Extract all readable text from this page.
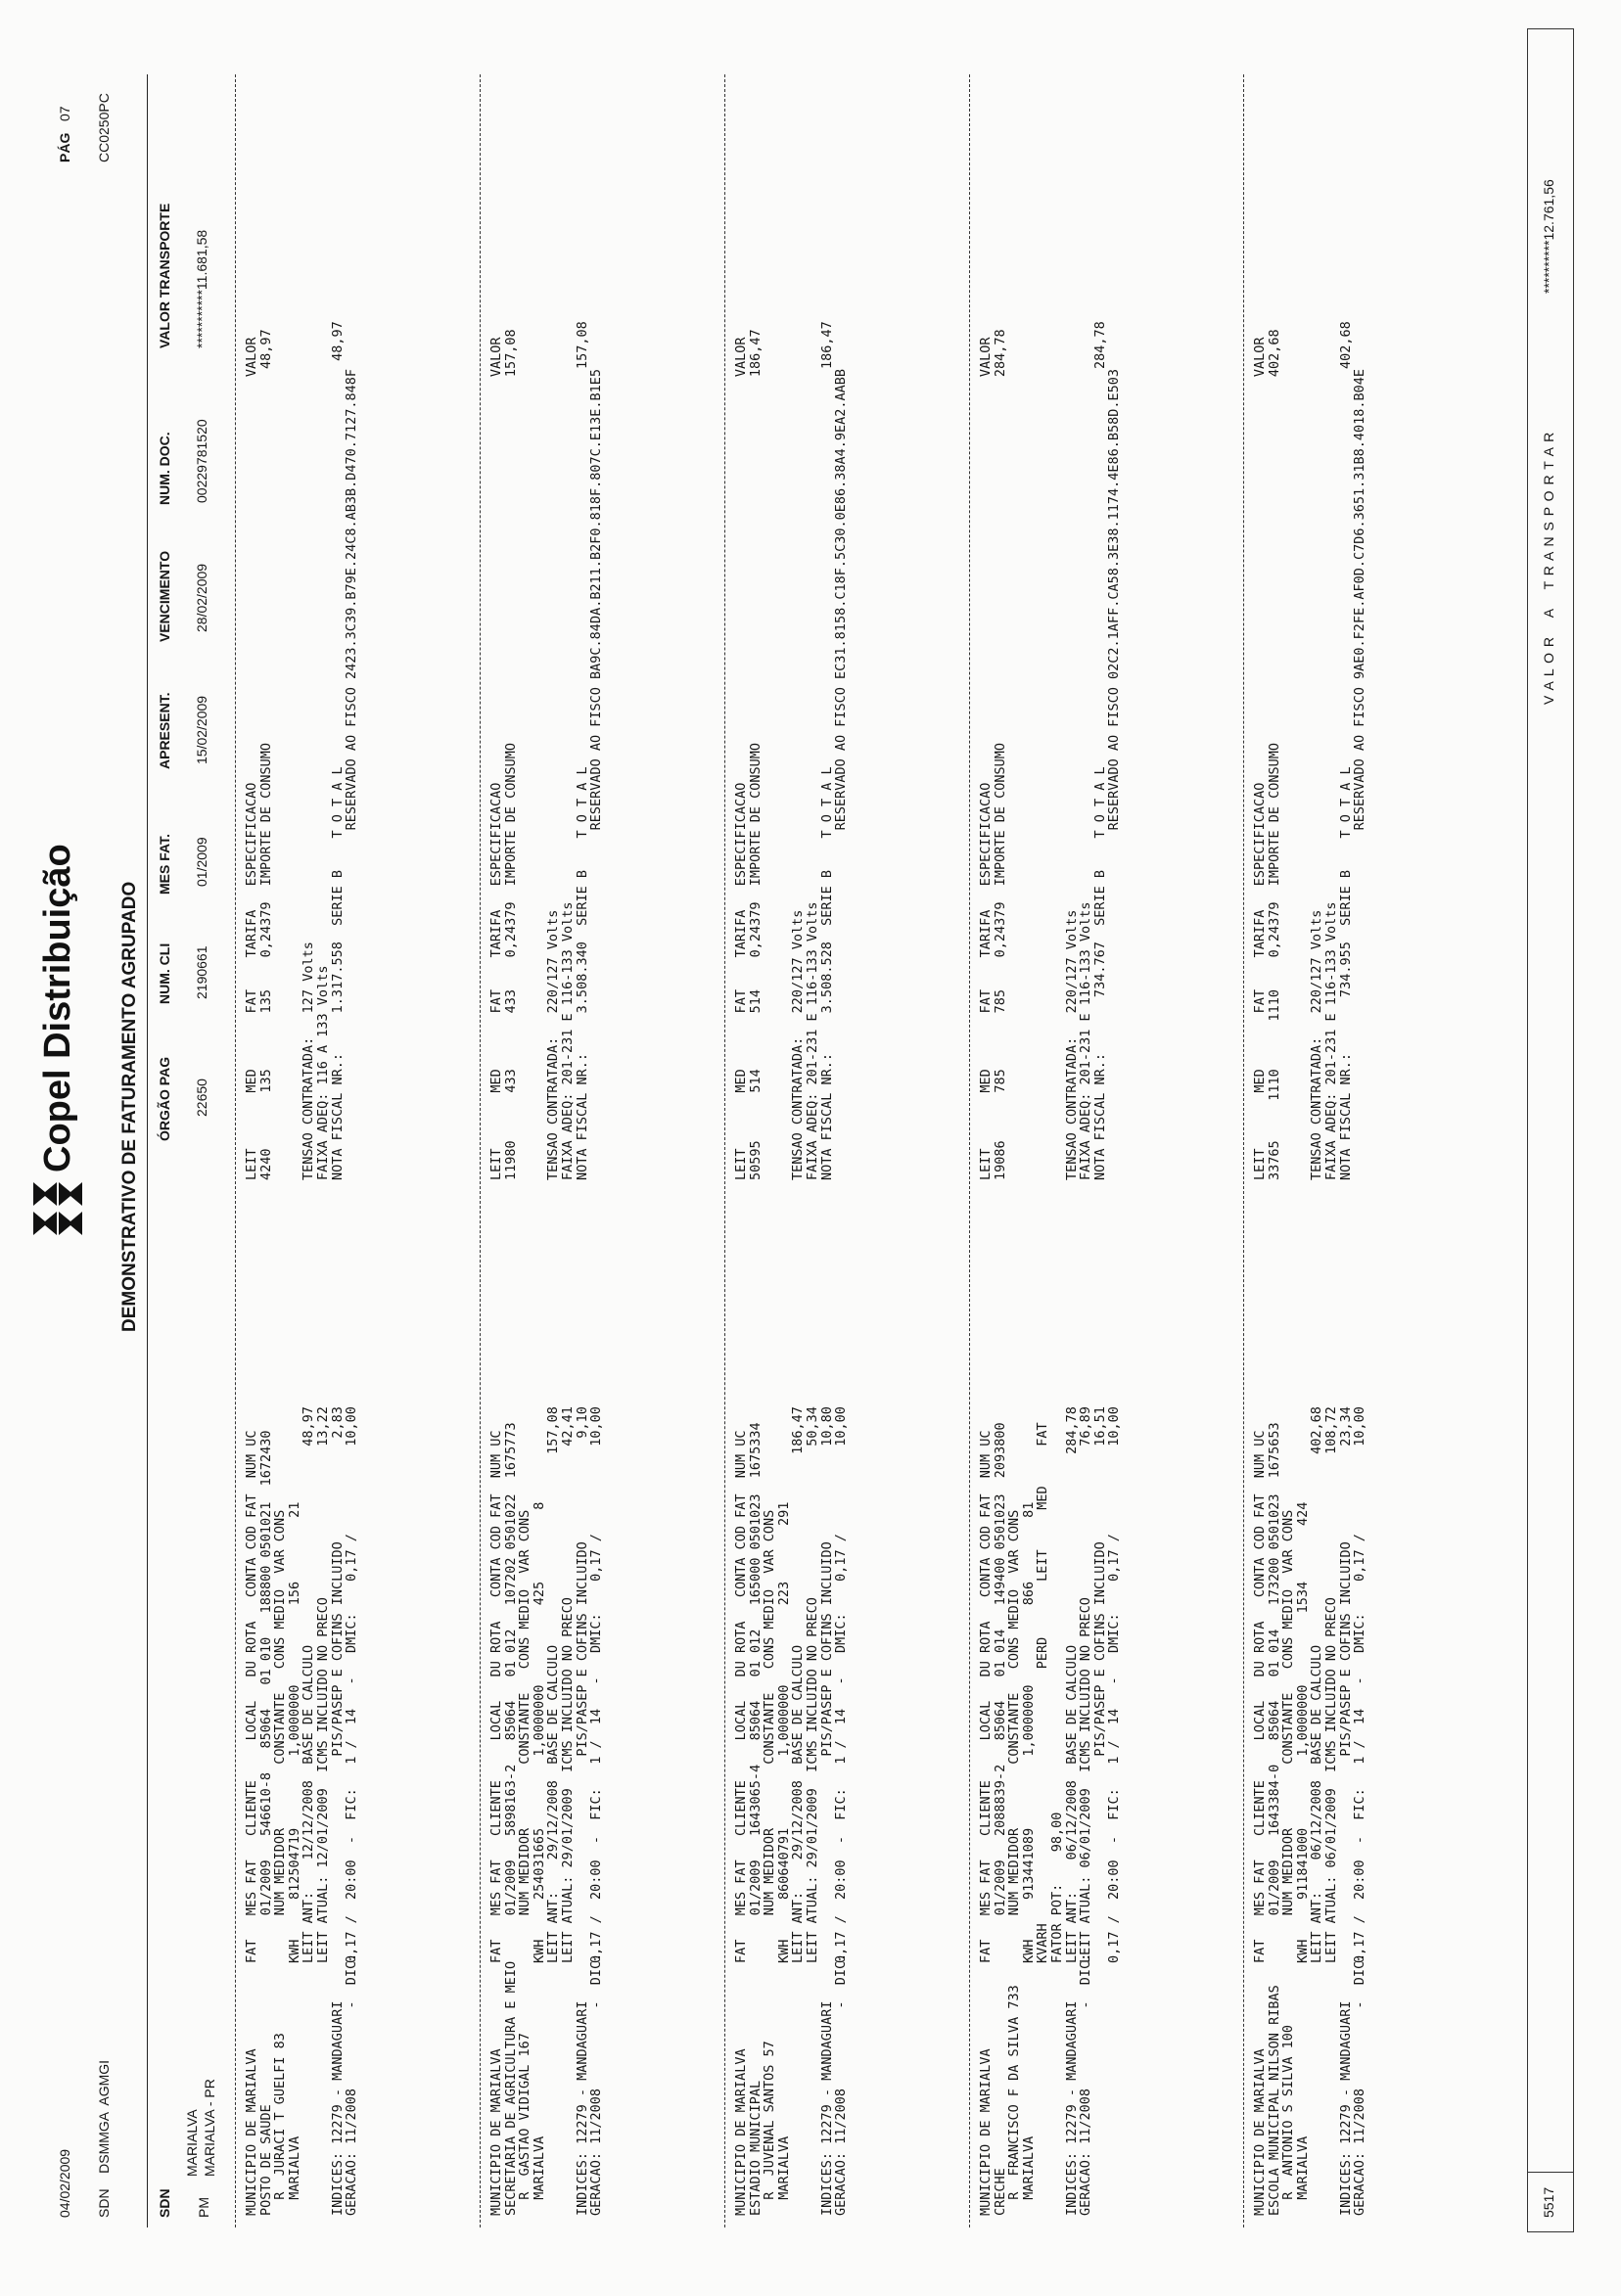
04/02/2009 SDN    DSMMGA  AGMGI
Copel Distribuição DEMONSTRATIVO DE FATURAMENTO AGRUPADO
PÁG
07 CC0250PC
SDN
ÓRGÃO PAG
NUM. CLI
MES FAT.
APRESENT.
VENCIMENTO
NUM. DOC.
VALOR TRANSPORTE
PM
MARIALVA MARIALVA - PR
22650
2190661
01/2009
15/02/2009
28/02/2009
00229781520
***********11.681,58
MUNICIPIO DE MARIALVA
POSTO DE SAUDE
R  JURACI T GUELFI 83
MARIALVA

INDICES: 12279 - MANDAGUARI
GERACAO: 11/2008          -  DIC:
FAT   MES FAT   CLIENTE     LOCAL   DU ROTA   CONTA COD FAT  NUM UC
01/2009   546610-8   85064   01 010   188800 0501021  1672430
NUM MEDIDOR        CONSTANTE   CONS MEDIO  VAR CONS
KWH     812504719         1,0000000          156        21
LEIT ANT:    12/12/2008  BASE DE CALCULO                         48,97
LEIT ATUAL: 12/01/2009  ICMS INCLUIDO NO PRECO                   13,22
PIS/PASEP E COFINS INCLUIDO             2,83
0,17 /  20:00  -  FIC:   1 /  14   -   DMIC:    0,17 /           10,00
LEIT       MED       FAT    TARIFA   ESPECIFICACAO                                                   VALOR
4240       135       135    0,24379  IMPORTE DE CONSUMO                                               48,97

TENSAO CONTRATADA:   127 Volts
FAIXA ADEQ: 116 A 133 Volts
NOTA FISCAL NR.:     1.317.558  SERIE B    T O T A L                                                   48,97
RESERVADO AO FISCO 2423.3C39.B79E.24C8.AB3B.D470.7127.848F
MUNICIPIO DE MARIALVA
SECRETARIA DE AGRICULTURA E MEIO
R  GASTAO VIDIGAL 167
MARIALVA

INDICES: 12279 - MANDAGUARI
GERACAO: 11/2008          -  DIC:
FAT   MES FAT   CLIENTE     LOCAL   DU ROTA   CONTA COD FAT  NUM UC
01/2009   5898163-2   85064   01 012   107202 0501022  1675773
NUM MEDIDOR        CONSTANTE   CONS MEDIO  VAR CONS
KWH     254031665         1,0000000          425         8
LEIT ANT:    29/12/2008  BASE DE CALCULO                        157,08
LEIT ATUAL: 29/01/2009  ICMS INCLUIDO NO PRECO                   42,41
PIS/PASEP E COFINS INCLUIDO             9,10
0,17 /  20:00  -  FIC:   1 /  14   -   DMIC:    0,17 /           10,00
LEIT       MED       FAT    TARIFA   ESPECIFICACAO                                                   VALOR
11980      433       433    0,24379  IMPORTE DE CONSUMO                                              157,08

TENSAO CONTRATADA:   220/127 Volts
FAIXA ADEQ: 201-231 E 116-133 Volts
NOTA FISCAL NR.:     3.508.340  SERIE B    T O T A L                                                  157,08
RESERVADO AO FISCO BA9C.84DA.B211.B2F0.818F.807C.E13E.B1E5
MUNICIPIO DE MARIALVA
ESTADIO MUNICIPAL
R  JUVENAL SANTOS 57
MARIALVA

INDICES: 12279 - MANDAGUARI
GERACAO: 11/2008          -  DIC:
FAT   MES FAT   CLIENTE     LOCAL   DU ROTA   CONTA COD FAT  NUM UC
01/2009   1643065-4   85064   01 012   165000 0501023  1675334
NUM MEDIDOR        CONSTANTE   CONS MEDIO  VAR CONS
KWH     860640791         1,0000000          223       291
LEIT ANT:    29/12/2008  BASE DE CALCULO                        186,47
LEIT ATUAL: 29/01/2009  ICMS INCLUIDO NO PRECO                   50,34
PIS/PASEP E COFINS INCLUIDO            10,80
0,17 /  20:00  -  FIC:   1 /  14   -   DMIC:    0,17 /           10,00
LEIT       MED       FAT    TARIFA   ESPECIFICACAO                                                   VALOR
50595      514       514    0,24379  IMPORTE DE CONSUMO                                              186,47

TENSAO CONTRATADA:   220/127 Volts
FAIXA ADEQ: 201-231 E 116-133 Volts
NOTA FISCAL NR.:     3.508.528  SERIE B    T O T A L                                                  186,47
RESERVADO AO FISCO EC31.8158.C18F.5C30.0E86.38A4.9EA2.AABB
MUNICIPIO DE MARIALVA
CRECHE
R  FRANCISCO F DA SILVA 733
MARIALVA

INDICES: 12279 - MANDAGUARI
GERACAO: 11/2008          -  DIC:
FAT   MES FAT   CLIENTE     LOCAL   DU ROTA   CONTA COD FAT  NUM UC
01/2009   2088839-2   85064   01 014   149400 0501023  2093800
NUM MEDIDOR        CONSTANTE   CONS MEDIO  VAR CONS
KWH     913441089         1,0000000          866        81
KVARH                                PERD       LEIT     MED     FAT
FATOR POT:    98,00
LEIT ANT:    06/12/2008  BASE DE CALCULO                        284,78
LEIT ATUAL: 06/01/2009  ICMS INCLUIDO NO PRECO                   76,89
PIS/PASEP E COFINS INCLUIDO            16,51
0,17 /  20:00  -  FIC:   1 /  14   -   DMIC:    0,17 /           10,00
LEIT       MED       FAT    TARIFA   ESPECIFICACAO                                                   VALOR
19086      785       785    0,24379  IMPORTE DE CONSUMO                                              284,78

TENSAO CONTRATADA:   220/127 Volts
FAIXA ADEQ: 201-231 E 116-133 Volts
NOTA FISCAL NR.:       734.767  SERIE B    T O T A L                                                  284,78
RESERVADO AO FISCO 02C2.1AFF.CA58.3E38.1174.4E86.B58D.E503
MUNICIPIO DE MARIALVA
ESCOLA MUNICIPAL NILSON RIBAS
R  ANTONIO S SILVA 100
MARIALVA

INDICES: 12279 - MANDAGUARI
GERACAO: 11/2008          -  DIC:
FAT   MES FAT   CLIENTE     LOCAL   DU ROTA   CONTA COD FAT  NUM UC
01/2009   1643384-0   85064   01 014   173200 0501023  1675653
NUM MEDIDOR        CONSTANTE   CONS MEDIO  VAR CONS
KWH     911841000         1,0000000         1534       424
LEIT ANT:    06/12/2008  BASE DE CALCULO                        402,68
LEIT ATUAL: 06/01/2009  ICMS INCLUIDO NO PRECO                  108,72
PIS/PASEP E COFINS INCLUIDO            23,34
0,17 /  20:00  -  FIC:   1 /  14   -   DMIC:    0,17 /           10,00
LEIT       MED       FAT    TARIFA   ESPECIFICACAO                                                   VALOR
33765     1110      1110    0,24379  IMPORTE DE CONSUMO                                              402,68

TENSAO CONTRATADA:   220/127 Volts
FAIXA ADEQ: 201-231 E 116-133 Volts
NOTA FISCAL NR.:       734.955  SERIE B    T O T A L                                                  402,68
RESERVADO AO FISCO 9AE0.F2FE.AF0D.C7D6.3651.31B8.4018.B04E
5517
V A L O R    A    T R A N S P O R T A R
**********12.761,56
